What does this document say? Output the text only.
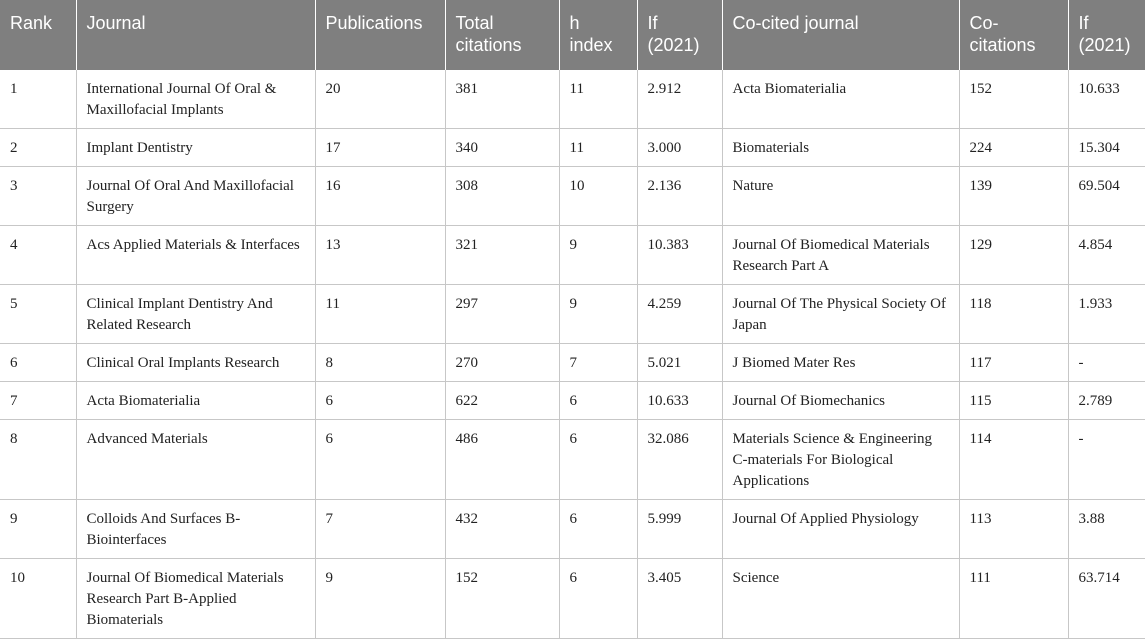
Rank	Journal	Publications	Total citations	h index	If (2021)	Co-cited journal	Co-citations	If (2021)
1	International Journal Of Oral & Maxillofacial Implants	20	381	11	2.912	Acta Biomaterialia	152	10.633
2	Implant Dentistry	17	340	11	3.000	Biomaterials	224	15.304
3	Journal Of Oral And Maxillofacial Surgery	16	308	10	2.136	Nature	139	69.504
4	Acs Applied Materials & Interfaces	13	321	9	10.383	Journal Of Biomedical Materials Research Part A	129	4.854
5	Clinical Implant Dentistry And Related Research	11	297	9	4.259	Journal Of The Physical Society Of Japan	118	1.933
6	Clinical Oral Implants Research	8	270	7	5.021	J Biomed Mater Res	117	-
7	Acta Biomaterialia	6	622	6	10.633	Journal Of Biomechanics	115	2.789
8	Advanced Materials	6	486	6	32.086	Materials Science & Engineering C-materials For Biological Applications	114	-
9	Colloids And Surfaces B-Biointerfaces	7	432	6	5.999	Journal Of Applied Physiology	113	3.88
10	Journal Of Biomedical Materials Research Part B-Applied Biomaterials	9	152	6	3.405	Science	111	63.714
